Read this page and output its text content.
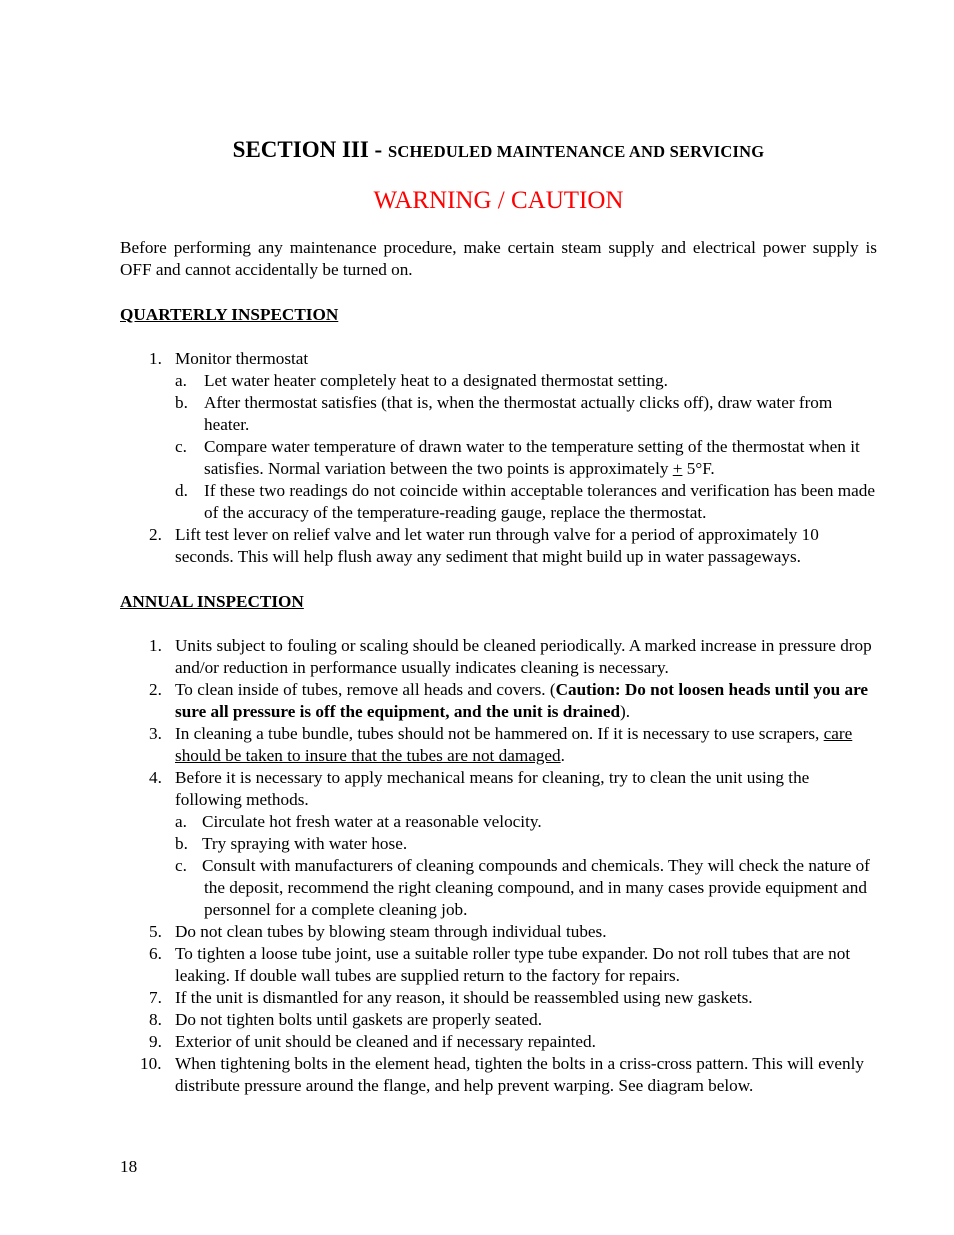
SECTION III - SCHEDULED MAINTENANCE AND SERVICING
WARNING / CAUTION
Before performing any maintenance procedure, make certain steam supply and electrical power supply is OFF and cannot accidentally be turned on.
QUARTERLY INSPECTION
1. Monitor thermostat
a. Let water heater completely heat to a designated thermostat setting.
b. After thermostat satisfies (that is, when the thermostat actually clicks off), draw water from heater.
c. Compare water temperature of drawn water to the temperature setting of the thermostat when it satisfies. Normal variation between the two points is approximately + 5°F.
d. If these two readings do not coincide within acceptable tolerances and verification has been made of the accuracy of the temperature-reading gauge, replace the thermostat.
2. Lift test lever on relief valve and let water run through valve for a period of approximately 10 seconds. This will help flush away any sediment that might build up in water passageways.
ANNUAL INSPECTION
1. Units subject to fouling or scaling should be cleaned periodically. A marked increase in pressure drop and/or reduction in performance usually indicates cleaning is necessary.
2. To clean inside of tubes, remove all heads and covers. (Caution: Do not loosen heads until you are sure all pressure is off the equipment, and the unit is drained).
3. In cleaning a tube bundle, tubes should not be hammered on. If it is necessary to use scrapers, care should be taken to insure that the tubes are not damaged.
4. Before it is necessary to apply mechanical means for cleaning, try to clean the unit using the following methods.
a. Circulate hot fresh water at a reasonable velocity.
b. Try spraying with water hose.
c. Consult with manufacturers of cleaning compounds and chemicals. They will check the nature of the deposit, recommend the right cleaning compound, and in many cases provide equipment and personnel for a complete cleaning job.
5. Do not clean tubes by blowing steam through individual tubes.
6. To tighten a loose tube joint, use a suitable roller type tube expander. Do not roll tubes that are not leaking. If double wall tubes are supplied return to the factory for repairs.
7. If the unit is dismantled for any reason, it should be reassembled using new gaskets.
8. Do not tighten bolts until gaskets are properly seated.
9. Exterior of unit should be cleaned and if necessary repainted.
10. When tightening bolts in the element head, tighten the bolts in a criss-cross pattern. This will evenly distribute pressure around the flange, and help prevent warping. See diagram below.
18
